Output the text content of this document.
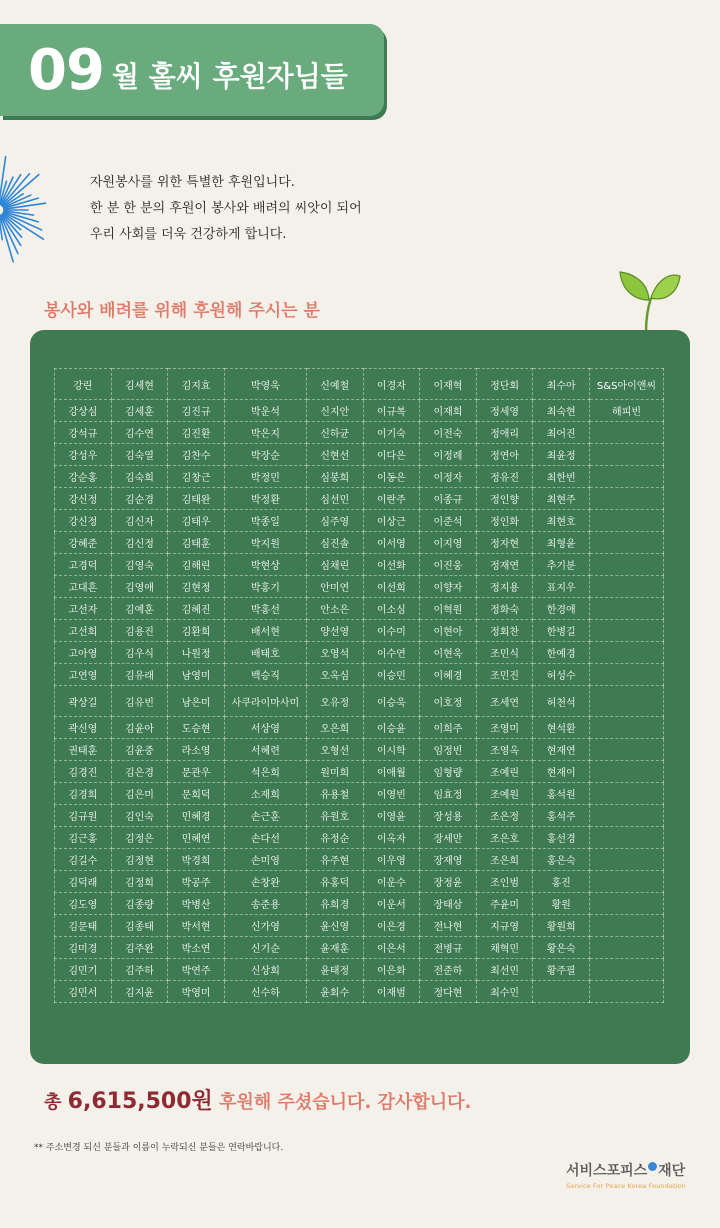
09 월 홀씨 후원자님들
자원봉사를 위한 특별한 후원입니다.
한 분 한 분의 후원이 봉사와 배려의 씨앗이 되어
우리 사회를 더욱 건강하게 합니다.
봉사와 배려를 위해 후원해 주시는 분
강린	김세현	김지효	박영욱	신예철	이경자	이재혁	정단회	최수아	S&S아이앤씨
강상심	김세훈	김진규	박운석	신지안	이규복	이재희	정세영	최숙현	해피빈
강석규	김수연	김진환	박은지	신하균	이기숙	이전숙	정애리	최어진	
강성우	김숙열	김찬수	박장순	신현선	이다은	이정례	정연아	최윤정	
강순홍	김숙희	김창근	박정민	심봉희	이동은	이정자	정유진	최한빈	
강신정	김순경	김태완	박정환	심선민	이란주	이종규	정인향	최현주	
강신정	김신자	김태우	박종일	심주영	이상근	이준석	정인화	최현호	
강혜준	김신정	김태훈	박지원	심진솔	이서영	이지영	정자현	최형윤	
고경덕	김영숙	김해린	박현상	심채린	이선화	이진웅	정재연	추기분	
고대흔	김영애	김현정	박홍기	안미연	이선희	이향자	정지용	표지우	
고선자	김예훈	김혜진	박홍선	안소은	이소심	이혁원	정화숙	한경애	
고선희	김용진	김환희	배서현	양선영	이수미	이현아	정회찬	한병길	
고아영	김우식	나원정	배태호	오영석	이수연	이현욱	조민식	한예경	
고연영	김유래	남영미	백승직	오옥심	이승민	이혜경	조민진	허성수	
곽상길	김유빈	남은미	사쿠라이마사미	오유정	이승욱	이호정	조세연	허천석	
곽신영	김윤아	도승현	서상영	오은희	이승윤	이희주	조영미	현석환	
권태훈	김윤중	라소영	서혜련	오형선	이시학	임정빈	조영옥	현재연	
김경진	김은경	문관우	석은희	원미희	이애월	임형량	조예린	현재이	
김경희	김은미	문희덕	소재희	유용철	이영빈	임효정	조예원	홍석원	
김규원	김인숙	민혜경	손근훈	유원호	이영윤	장성용	조은정	홍석주	
김근홍	김정은	민혜연	손다선	유정순	이옥자	장세만	조은호	홍선경	
김길수	김정현	박경희	손미영	유주현	이우영	장재영	조은희	홍은숙	
김덕래	김정희	박공주	손창완	유홍덕	이운수	장정윤	조인범	홍진	
김도영	김종량	박병산	송준용	유희경	이운서	장태삼	주윤미	황원	
김문태	김종태	박서현	신가영	윤신영	이은경	전나현	지규영	황원희	
김미경	김주완	박소연	신기순	윤재훈	이은서	전병규	채혁민	황은숙	
김민기	김주하	박연주	신상회	윤태정	이은화	전준하	최선민	황주필	
김민서	김지윤	박영미	신수하	윤회수	이재범	정다현	최수민		
총 6,615,500원 후원해 주셨습니다. 감사합니다.
** 주소변경 되신 분들과 이름이 누락되신 분들은 연락바랍니다.
서비스포피스 재단
Service For Peace Korea Foundation
